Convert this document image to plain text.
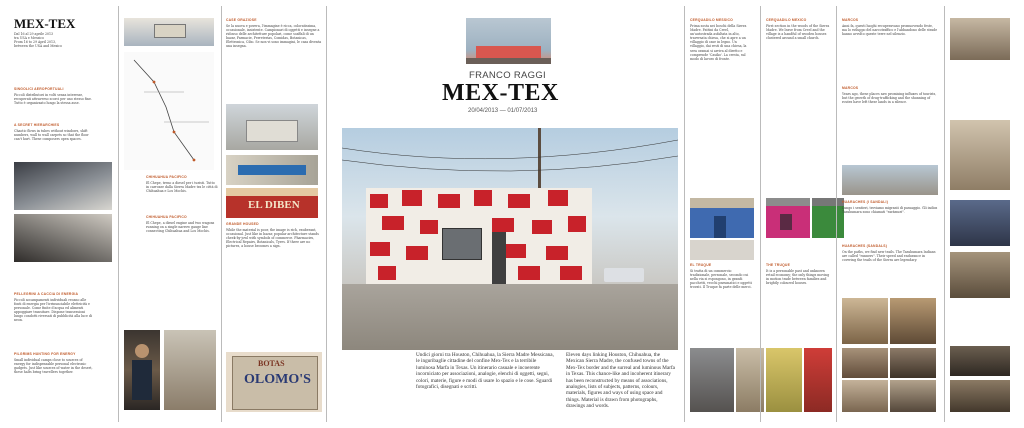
MEX-TEX
Dal 16 al 29 aprile 2013
tra USA e Messico
From 16 to 29 April 2013,
between the USA and Mexico
SINGOLICI AEROPORTUALI
Piccoli distributori in volti senza interesse, recuperati attraverso scorci per uno stesso fine. Tutto è organizzato lungo la stessa asse.
A SECRET HIERARCHIES
Chaotic flows in tubes without windows, shift numbers, wall to wall carpets so that the floor can't hurt. These composers open spaces.
PELLEGRINI A CACCIA DI ENERGIA
Piccoli accampamenti individuali recano alle fonti di energia per l'irrinunciabile elettricità e personale. Come finite d'acqua ed alimenti appoggiare transitare. Dispone transessioni lungo condotti riversati di pubblicità alla luce di neon.
PILGRIMS HUNTING FOR ENERGY
Small individual camps close to sources of energy for indispensable personal electronic gadgets. Just like sources of water in the desert, these halts bring travellers together.
CHIHUAHUA PACIFICO
El Chepe, treno a diesel per i turisti. Tutto in carrozze dalla Sierra Madre tra le città di Chihuahua e Los Mochis.
CHIHUAHUA PACIFICO
El Chepe, a diesel engine and two wagons running on a single narrow gauge line connecting Chihuahua and Los Mochis.
CASE GRAZIOSE
Se la nuova e povera, l'immagine è ricca, coloratissima, occasionale, insistente. Campionari di oggetti e insegne a ridosso delle architetture popolari, come scaffali di un bazar, Farmacie, Ferreterias, Comidas, Botanicas, Elettronica, Cibo. Se non vi sono immagini, le casa diventa una insegna.
EL DIBEN
GRANDE HOUSED
While the material is poor, the image is rich, exuberant, occasional. Just like in bazar, popular architecture stands cheek-by-jowl with symbols of commerce. Pharmacies, Electrical Repairs, Botanicals, Tyres. If there are no pictures, a house becomes a sign.
BOTAS
OLOMO'S
FRANCO RAGGI
MEX-TEX
20/04/2013 — 01/07/2013
Undici giorni tra Houston, Chihuahua, la Sierra Madre Messicana, le inguribaglie cittadine del confine Mex-Tex e la terribile luminosa Marfa in Texas. Un itinerario casuale e incoerente incorniciato per associazioni, analogie, elenchi di oggetti, segni, colori, materie, figure e modi di usare lo spazio e le cose. Sguardi fotografici, disegnati e scritti.
Eleven days linking Houston, Chihuahua, the Mexican Sierra Madre, the confused towns of the Mex-Tex border and the surreal and luminous Marfa in Texas. This chance-like and incoherent itinerary has been reconstructed by means of associations, analogies, lists of subjects, patterns, colours, materials, figures and ways of using space and things. Material is drawn from photographs, drawings and words.
CERQUADILO MESSICO
Prima sosta nei boschi della Sierra Madre. Pattini da Creel, un'autostrada asfaltata in alto, traversata chiesa, che si apre a un villaggio di case in legno. Un villaggio, dai resti di una chiesa, la sera oramai si arriva al diretto e comprende 'Casiko'. La cresta, sul modo di lavoro di fronte.
EL TRUQUE
Si tratta di un commercio tradizionale, personale, secondo cui nella via si espongono, in grandi pacchetti, vecchi pneumatici e oggetti trovati. Il Truque fa parte delle merci.
CERQUADILO MEXICO
First section in the woods of the Sierra Madre. We leave from Creel and the village is a handful of wooden houses clustered around a small church.
THE TRUQUE
It is a personable past and unknown retail economy; the only things moving in motion trade between families and brightly coloured houses.
MARCOS
Anni fa, questi luoghi recuperavano promuovendo feste, ma lo sviluppo del narcotraffico e l'abbandono delle strade hanno avvolto queste terre nel silenzio.
MARCOS
Years ago, these places saw promising influxes of tourists, but the growth of drug-trafficking and the shunning of routes have left these lands in a silence.
HUARACHES (I SANDALI)
Lungo i sentieri, troviamo migranti di passaggio. Gli indios Tarahumara sono chiamati "rarámuri".
HUARACHES (SANDALS)
On the paths, we find new trails. The Tarahumara Indians are called "runners". Their speed and endurance in covering the trails of the Sierra are legendary.
